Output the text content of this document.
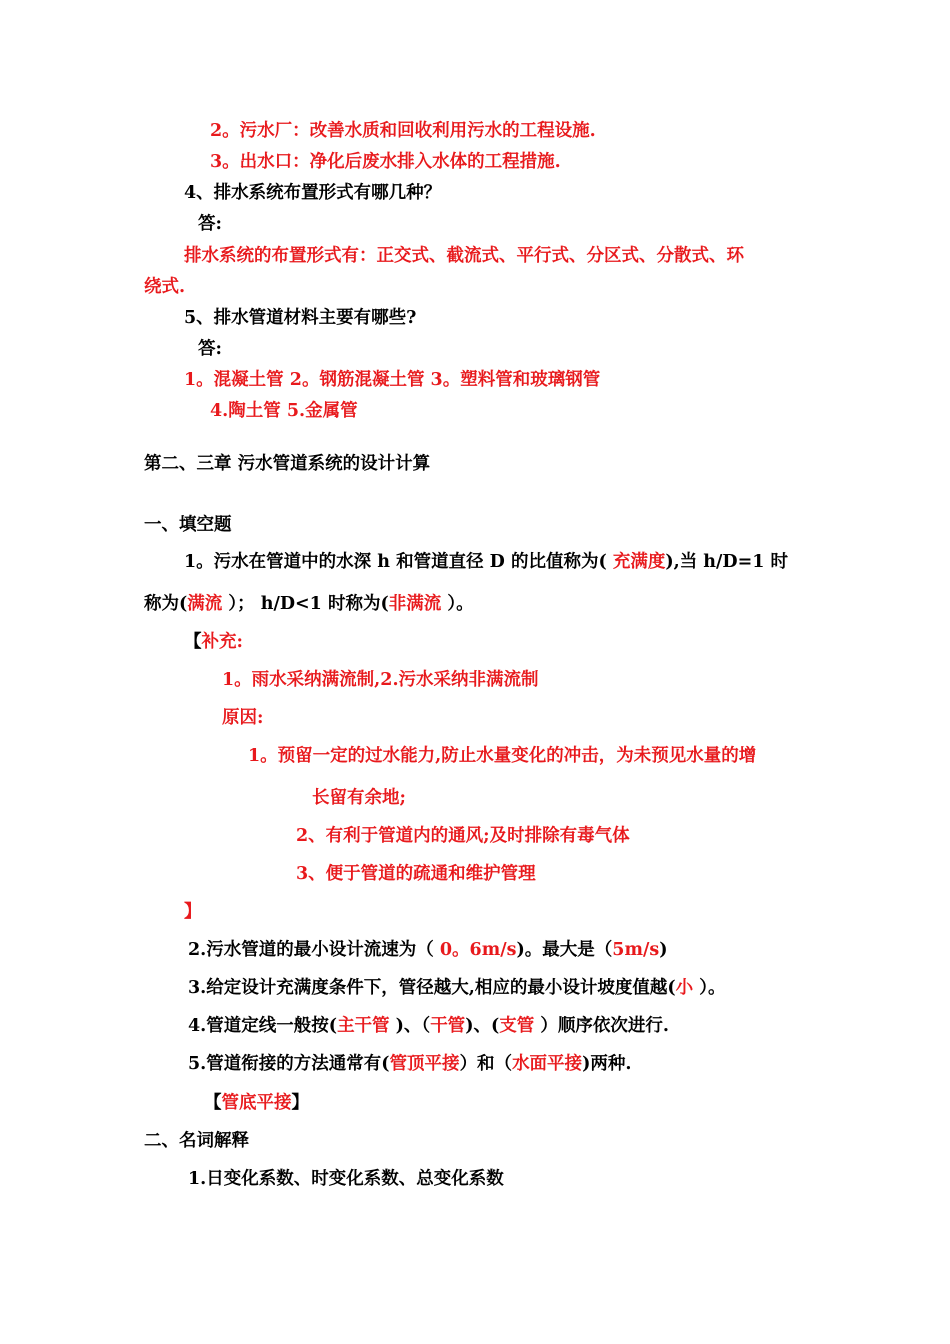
2。污水厂：改善水质和回收利用污水的工程设施.
3。出水口：净化后废水排入水体的工程措施.
4、排水系统布置形式有哪几种？
答:
排水系统的布置形式有：正交式、截流式、平行式、分区式、分散式、环
绕式.
5、排水管道材料主要有哪些?
答:
1。混凝土管 2。钢筋混凝土管 3。塑料管和玻璃钢管
4.陶土管 5.金属管
第二、三章 污水管道系统的设计计算
一、填空题
1。污水在管道中的水深 h 和管道直径 D 的比值称为( 充满度),当 h/D=1 时
称为(满流 ）； h/D<1 时称为(非满流 ）。
【补充:
1。雨水采纳满流制,2.污水采纳非满流制
原因:
1。预留一定的过水能力,防止水量变化的冲击，为未预见水量的增
长留有余地;
2、有利于管道内的通风;及时排除有毒气体
3、便于管道的疏通和维护管理
】
2.污水管道的最小设计流速为（ 0。6m/s)。最大是（5m/s)
3.给定设计充满度条件下，管径越大,相应的最小设计坡度值越(小 ）。
4.管道定线一般按(主干管 )、（干管)、(支管 ）顺序依次进行.
5.管道衔接的方法通常有(管顶平接）和（水面平接)两种.
【管底平接】
二、名词解释
1.日变化系数、时变化系数、总变化系数
